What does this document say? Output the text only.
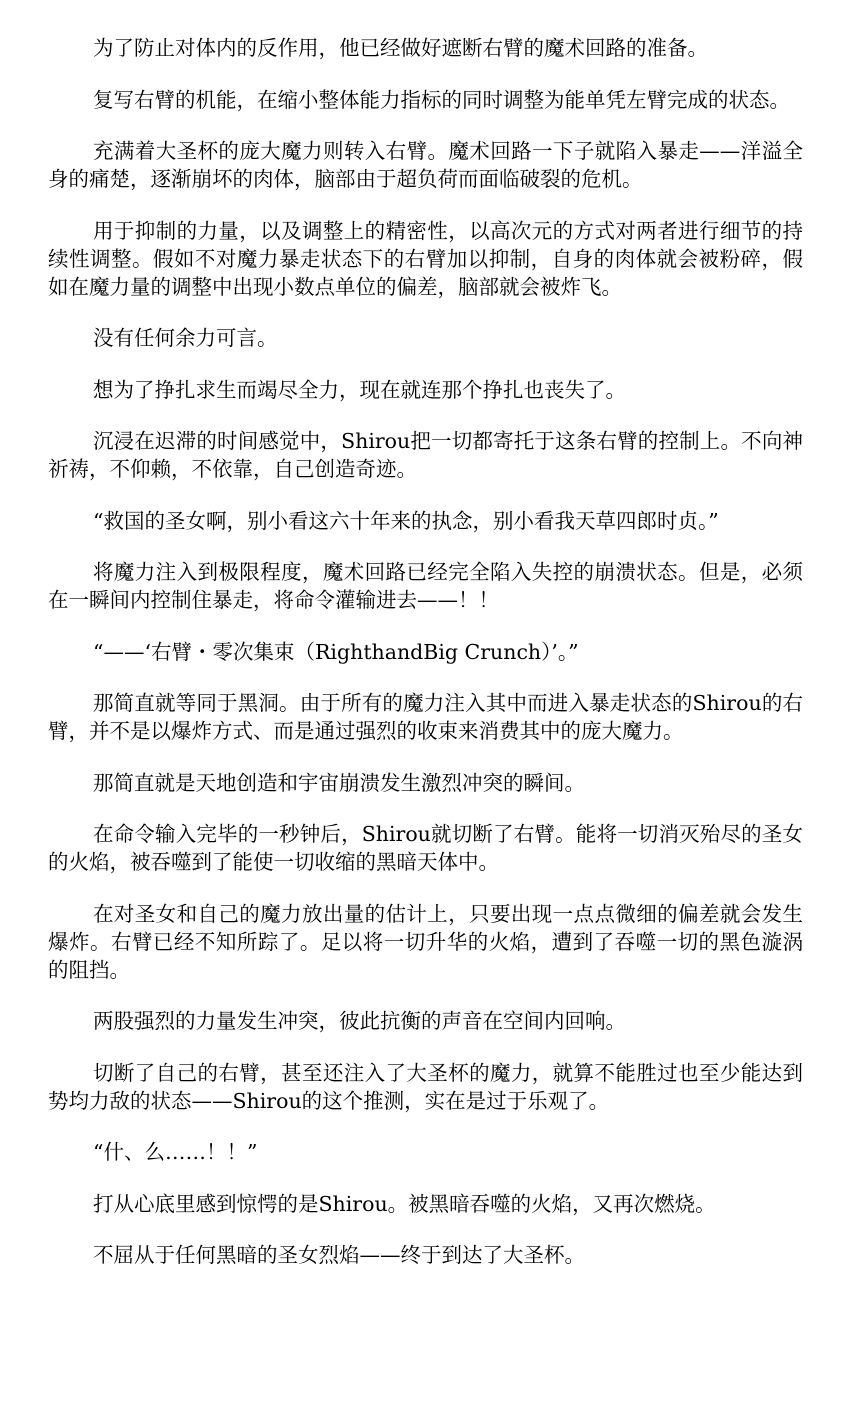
为了防止对体内的反作用，他已经做好遮断右臂的魔术回路的准备。

复写右臂的机能，在缩小整体能力指标的同时调整为能单凭左臂完成的状态。

充满着大圣杯的庞大魔力则转入右臂。魔术回路一下子就陷入暴走——洋溢全身的痛楚，逐渐崩坏的肉体，脑部由于超负荷而面临破裂的危机。

用于抑制的力量，以及调整上的精密性，以高次元的方式对两者进行细节的持续性调整。假如不对魔力暴走状态下的右臂加以抑制，自身的肉体就会被粉碎，假如在魔力量的调整中出现小数点单位的偏差，脑部就会被炸飞。

没有任何余力可言。

想为了挣扎求生而竭尽全力，现在就连那个挣扎也丧失了。

沉浸在迟滞的时间感觉中，Shirou把一切都寄托于这条右臂的控制上。不向神祈祷，不仰赖，不依靠，自己创造奇迹。

“救国的圣女啊，别小看这六十年来的执念，别小看我天草四郎时贞。”

将魔力注入到极限程度，魔术回路已经完全陷入失控的崩溃状态。但是，必须在一瞬间内控制住暴走，将命令灌输进去——！！

“——‘右臂・零次集束（RighthandBig Crunch）’。”

那简直就等同于黑洞。由于所有的魔力注入其中而进入暴走状态的Shirou的右臂，并不是以爆炸方式、而是通过强烈的收束来消费其中的庞大魔力。

那简直就是天地创造和宇宙崩溃发生激烈冲突的瞬间。

在命令输入完毕的一秒钟后，Shirou就切断了右臂。能将一切消灭殆尽的圣女的火焰，被吞噬到了能使一切收缩的黑暗天体中。

在对圣女和自己的魔力放出量的估计上，只要出现一点点微细的偏差就会发生爆炸。右臂已经不知所踪了。足以将一切升华的火焰，遭到了吞噬一切的黑色漩涡的阻挡。

两股强烈的力量发生冲突，彼此抗衡的声音在空间内回响。

切断了自己的右臂，甚至还注入了大圣杯的魔力，就算不能胜过也至少能达到势均力敌的状态——Shirou的这个推测，实在是过于乐观了。

“什、么……！！”

打从心底里感到惊愕的是Shirou。被黑暗吞噬的火焰，又再次燃烧。

不屈从于任何黑暗的圣女烈焰——终于到达了大圣杯。
